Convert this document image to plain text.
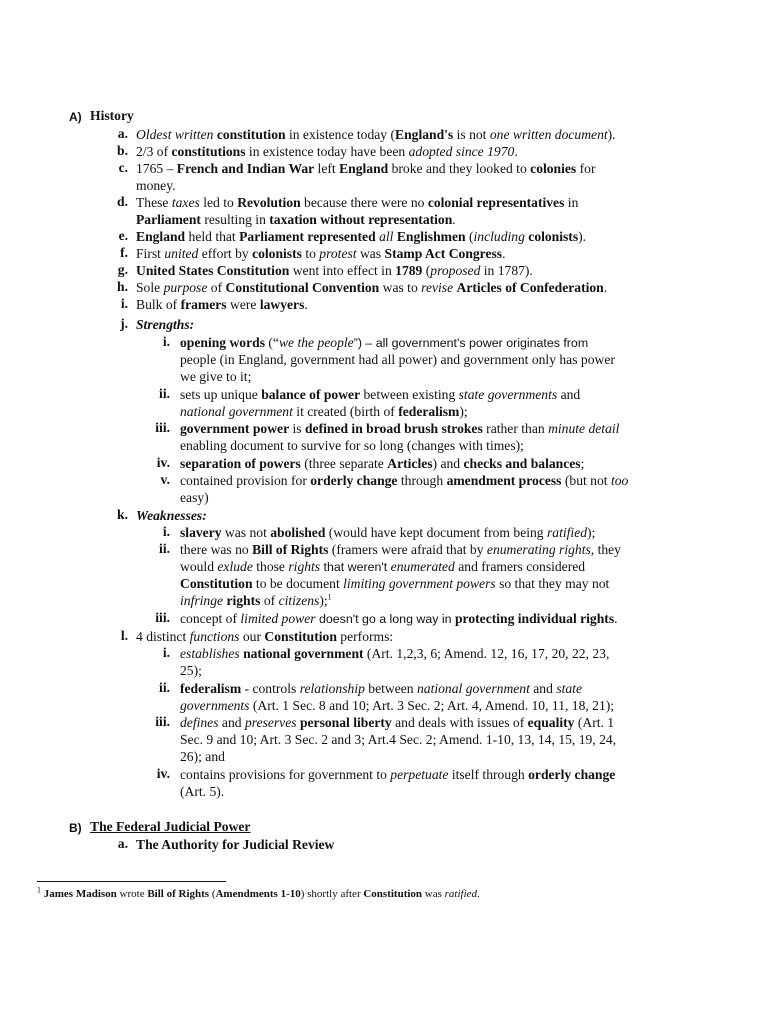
A) History
a. Oldest written constitution in existence today (England's is not one written document).
b. 2/3 of constitutions in existence today have been adopted since 1970.
c. 1765 – French and Indian War left England broke and they looked to colonies for
money.
d. These taxes led to Revolution because there were no colonial representatives in
Parliament resulting in taxation without representation.
e. England held that Parliament represented all Englishmen (including colonists).
f. First united effort by colonists to protest was Stamp Act Congress.
g. United States Constitution went into effect in 1789 (proposed in 1787).
h. Sole purpose of Constitutional Convention was to revise Articles of Confederation.
i. Bulk of framers were lawyers.
j. Strengths:
i. opening words (“we the people”) – all government's power originates from
people (in England, government had all power) and government only has power
we give to it;
ii. sets up unique balance of power between existing state governments and
national government it created (birth of federalism);
iii. government power is defined in broad brush strokes rather than minute detail
enabling document to survive for so long (changes with times);
iv. separation of powers (three separate Articles) and checks and balances;
v. contained provision for orderly change through amendment process (but not too
easy)
k. Weaknesses:
i. slavery was not abolished (would have kept document from being ratified);
ii. there was no Bill of Rights (framers were afraid that by enumerating rights, they
would exlude those rights that weren't enumerated and framers considered
Constitution to be document limiting government powers so that they may not
infringe rights of citizens);$^1$
iii. concept of limited power doesn't go a long way in protecting individual rights.
l. 4 distinct functions our Constitution performs:
i. establishes national government (Art. 1,2,3, 6; Amend. 12, 16, 17, 20, 22, 23,
25);
ii. federalism - controls relationship between national government and state
governments (Art. 1 Sec. 8 and 10; Art. 3 Sec. 2; Art. 4, Amend. 10, 11, 18, 21);
iii. defines and preserves personal liberty and deals with issues of equality (Art. 1
Sec. 9 and 10; Art. 3 Sec. 2 and 3; Art.4 Sec. 2; Amend. 1-10, 13, 14, 15, 19, 24,
26); and
iv. contains provisions for government to perpetuate itself through orderly change
(Art. 5).
B) The Federal Judicial Power
a. The Authority for Judicial Review
$^1$ James Madison wrote Bill of Rights (Amendments 1-10) shortly after Constitution was ratified.
